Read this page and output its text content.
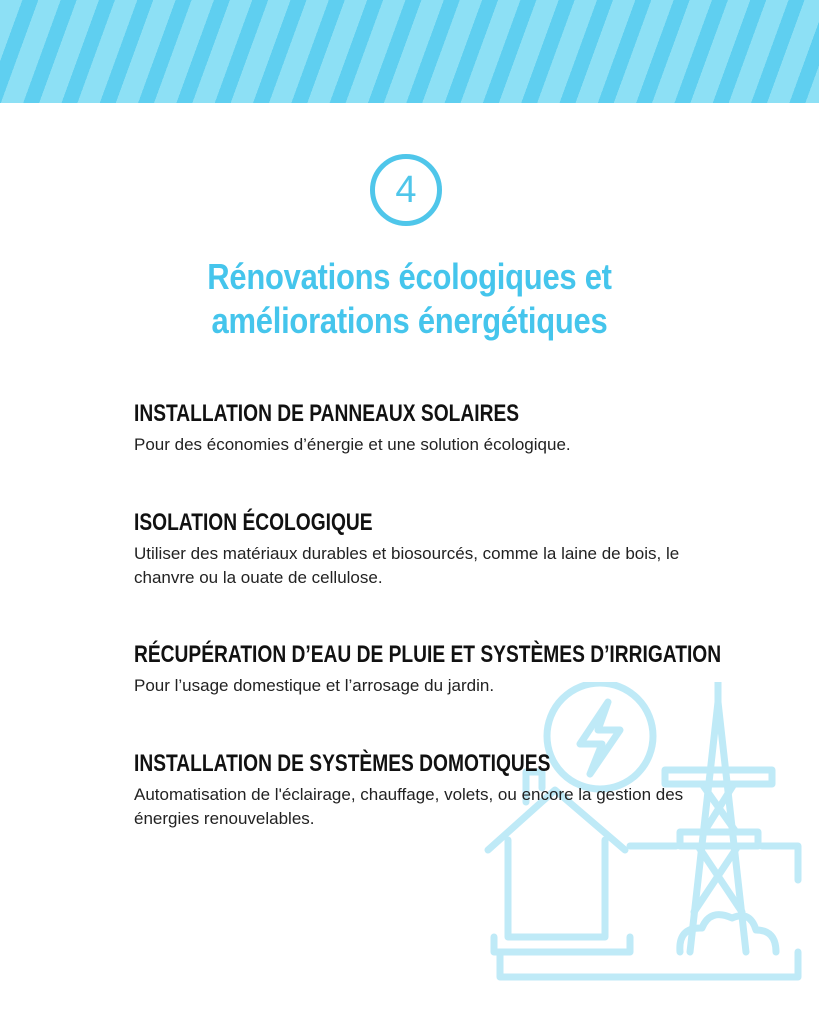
4
Rénovations écologiques et
améliorations énergétiques
INSTALLATION DE PANNEAUX SOLAIRES

Pour des économies d’énergie et une solution écologique.

ISOLATION ÉCOLOGIQUE

Utiliser des matériaux durables et biosourcés, comme la laine de bois, le chanvre ou la ouate de cellulose.

RÉCUPÉRATION D’EAU DE PLUIE ET SYSTÈMES D’IRRIGATION

Pour l’usage domestique et l’arrosage du jardin.

INSTALLATION DE SYSTÈMES DOMOTIQUES

Automatisation de l'éclairage, chauffage, volets, ou encore la gestion des énergies renouvelables.
